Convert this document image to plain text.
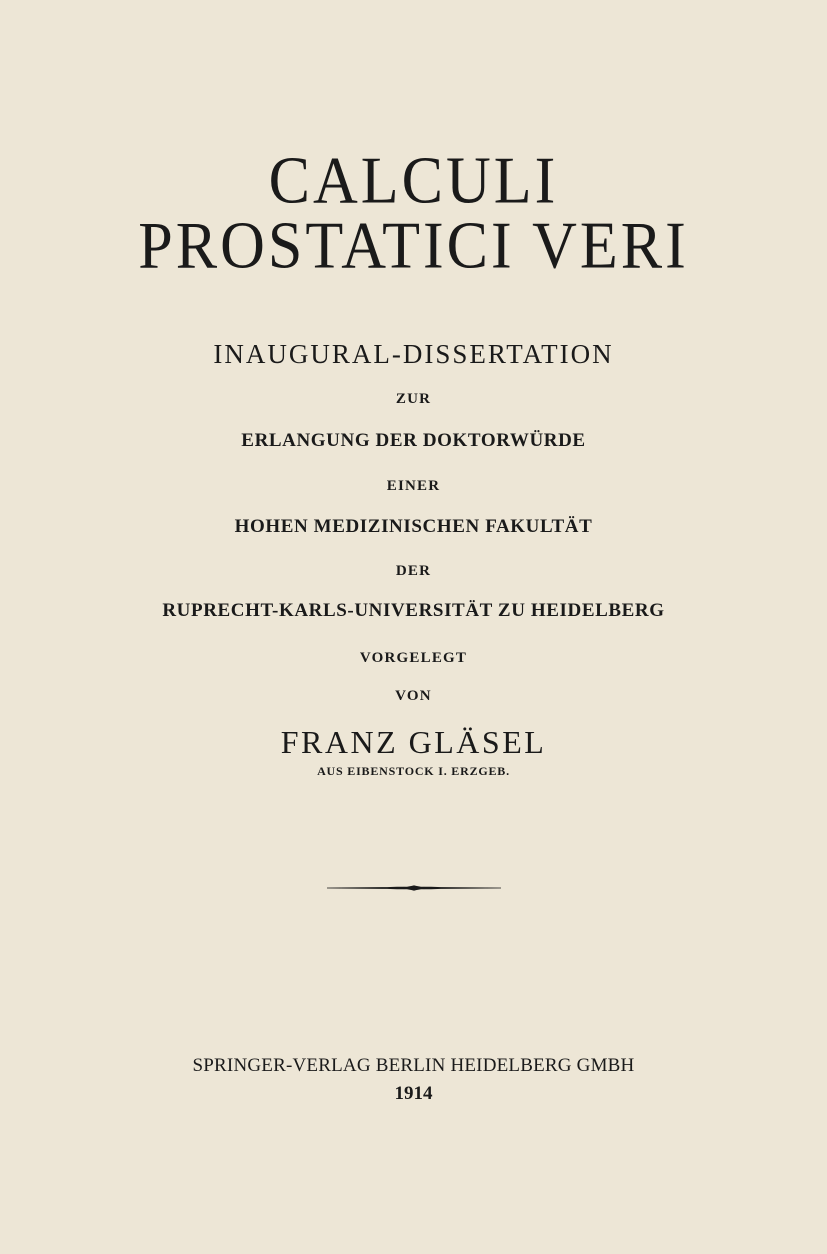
CALCULI
PROSTATICI VERI
INAUGURAL-DISSERTATION
ZUR
ERLANGUNG DER DOKTORWÜRDE
EINER
HOHEN MEDIZINISCHEN FAKULTÄT
DER
RUPRECHT-KARLS-UNIVERSITÄT ZU HEIDELBERG
VORGELEGT
VON
FRANZ GLÄSEL
AUS EIBENSTOCK I. ERZGEB.
SPRINGER-VERLAG BERLIN HEIDELBERG GMBH
1914
